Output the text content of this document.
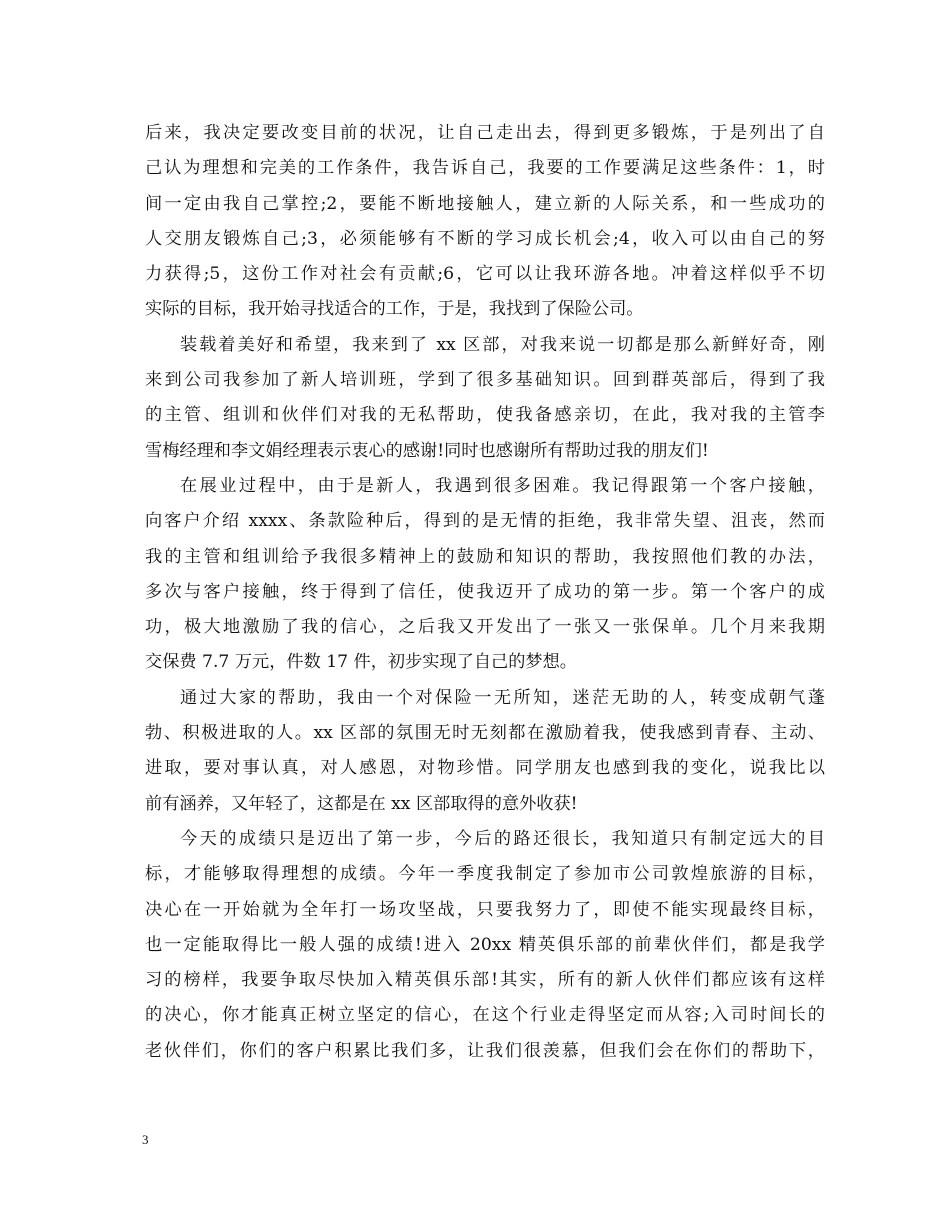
后来，我决定要改变目前的状况，让自己走出去，得到更多锻炼，于是列出了自
己认为理想和完美的工作条件，我告诉自己，我要的工作要满足这些条件：1，时
间一定由我自己掌控;2，要能不断地接触人，建立新的人际关系，和一些成功的
人交朋友锻炼自己;3，必须能够有不断的学习成长机会;4，收入可以由自己的努
力获得;5，这份工作对社会有贡献;6，它可以让我环游各地。冲着这样似乎不切
实际的目标，我开始寻找适合的工作，于是，我找到了保险公司。
装载着美好和希望，我来到了 xx 区部，对我来说一切都是那么新鲜好奇，刚
来到公司我参加了新人培训班，学到了很多基础知识。回到群英部后，得到了我
的主管、组训和伙伴们对我的无私帮助，使我备感亲切，在此，我对我的主管李
雪梅经理和李文娟经理表示衷心的感谢!同时也感谢所有帮助过我的朋友们!
在展业过程中，由于是新人，我遇到很多困难。我记得跟第一个客户接触，
向客户介绍 xxxx、条款险种后，得到的是无情的拒绝，我非常失望、沮丧，然而
我的主管和组训给予我很多精神上的鼓励和知识的帮助，我按照他们教的办法，
多次与客户接触，终于得到了信任，使我迈开了成功的第一步。第一个客户的成
功，极大地激励了我的信心，之后我又开发出了一张又一张保单。几个月来我期
交保费 7.7 万元，件数 17 件，初步实现了自己的梦想。
通过大家的帮助，我由一个对保险一无所知，迷茫无助的人，转变成朝气蓬
勃、积极进取的人。xx 区部的氛围无时无刻都在激励着我，使我感到青春、主动、
进取，要对事认真，对人感恩，对物珍惜。同学朋友也感到我的变化，说我比以
前有涵养，又年轻了，这都是在 xx 区部取得的意外收获!
今天的成绩只是迈出了第一步，今后的路还很长，我知道只有制定远大的目
标，才能够取得理想的成绩。今年一季度我制定了参加市公司敦煌旅游的目标，
决心在一开始就为全年打一场攻坚战，只要我努力了，即使不能实现最终目标，
也一定能取得比一般人强的成绩!进入 20xx 精英俱乐部的前辈伙伴们，都是我学
习的榜样，我要争取尽快加入精英俱乐部!其实，所有的新人伙伴们都应该有这样
的决心，你才能真正树立坚定的信心，在这个行业走得坚定而从容;入司时间长的
老伙伴们，你们的客户积累比我们多，让我们很羡慕，但我们会在你们的帮助下，
3
